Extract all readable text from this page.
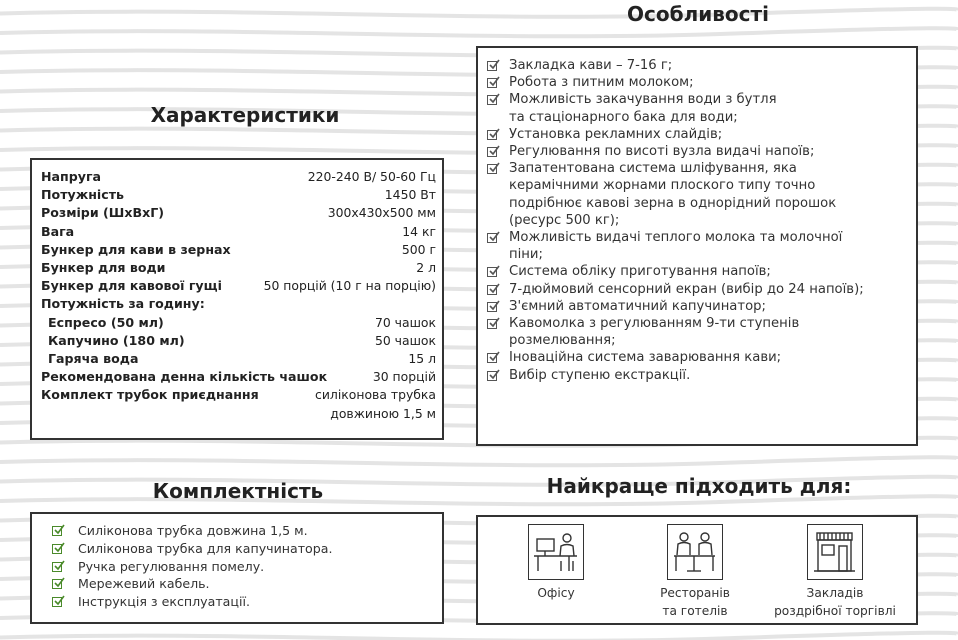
Особливості
Закладка кави – 7-16 г;
Робота з питним молоком;
Можливість закачування води з бутля
та стаціонарного бака для води;
Установка рекламних слайдів;
Регулювання по висоті вузла видачі напоїв;
Запатентована система шліфування, яка
керамічними жорнами плоского типу точно
подрібнює кавові зерна в однорідний порошок
(ресурс 500 кг);
Можливість видачі теплого молока та молочної
піни;
Система обліку приготування напоїв;
7-дюймовий сенсорний екран (вибір до 24 напоїв);
З'ємний автоматичний капучинатор;
Кавомолка з регулюванням 9-ти ступенів
розмелювання;
Іноваційна система заварювання кави;
Вибір ступеню екстракції.
Характеристики
Напруга	220-240 В/ 50-60 Гц
Потужність	1450 Вт
Розміри (ШхВхГ)	300х430х500 мм
Вага	14 кг
Бункер для кави в зернах	500 г
Бункер для води	2 л
Бункер для кавової гущі	50 порцій (10 г на порцію)
Потужність за годину:
Еспресо (50 мл)	70 чашок
Капучино (180 мл)	50 чашок
Гаряча вода	15 л
Рекомендована денна кількість чашок	30 порцій
Комплект трубок приєднання	силіконова трубка
довжиною 1,5 м
Комплектність
Силіконова трубка довжина 1,5 м.
Силіконова трубка для капучинатора.
Ручка регулювання помелу.
Мережевий кабель.
Інструкція з експлуатації.
Найкраще підходить для:
Офісу	Ресторанів
та готелів
Закладів
роздрібної торгівлі
